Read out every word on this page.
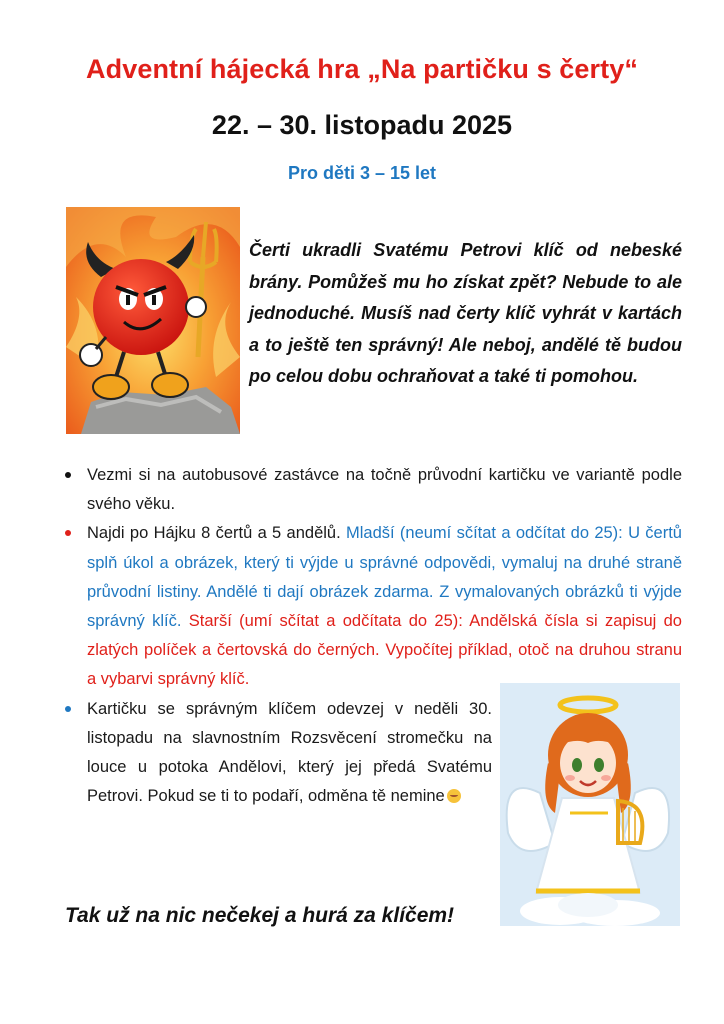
Adventní hájecká hra „Na partičku s čerty“
22. – 30. listopadu 2025
Pro děti 3 – 15 let
Čerti ukradli Svatému Petrovi klíč od nebeské brány. Pomůžeš mu ho získat zpět? Nebude to ale jednoduché. Musíš nad čerty klíč vyhrát v kartách a to ještě ten správný! Ale neboj, andělé tě budou po celou dobu ochraňovat a také ti pomohou.
Vezmi si na autobusové zastávce na točně průvodní kartičku ve variantě podle svého věku.
Najdi po Hájku 8 čertů a 5 andělů. Mladší (neumí sčítat a odčítat do 25): U čertů splň úkol a obrázek, který ti výjde u správné odpovědi, vymaluj na druhé straně průvodní listiny. Andělé ti dají obrázek zdarma. Z vymalovaných obrázků ti výjde správný klíč. Starší (umí sčítat a odčítata do 25): Andělská čísla si zapisuj do zlatých políček a čertovská do černých. Vypočítej příklad, otoč na druhou stranu a vybarvi správný klíč.
Kartičku se správným klíčem odevzej v neděli 30. listopadu na slavnostním Rozsvěcení stromečku na louce u potoka Andělovi, který jej předá Svatému Petrovi. Pokud se ti to podaří, odměna tě nemine
Tak už na nic nečekej a hurá za klíčem!
